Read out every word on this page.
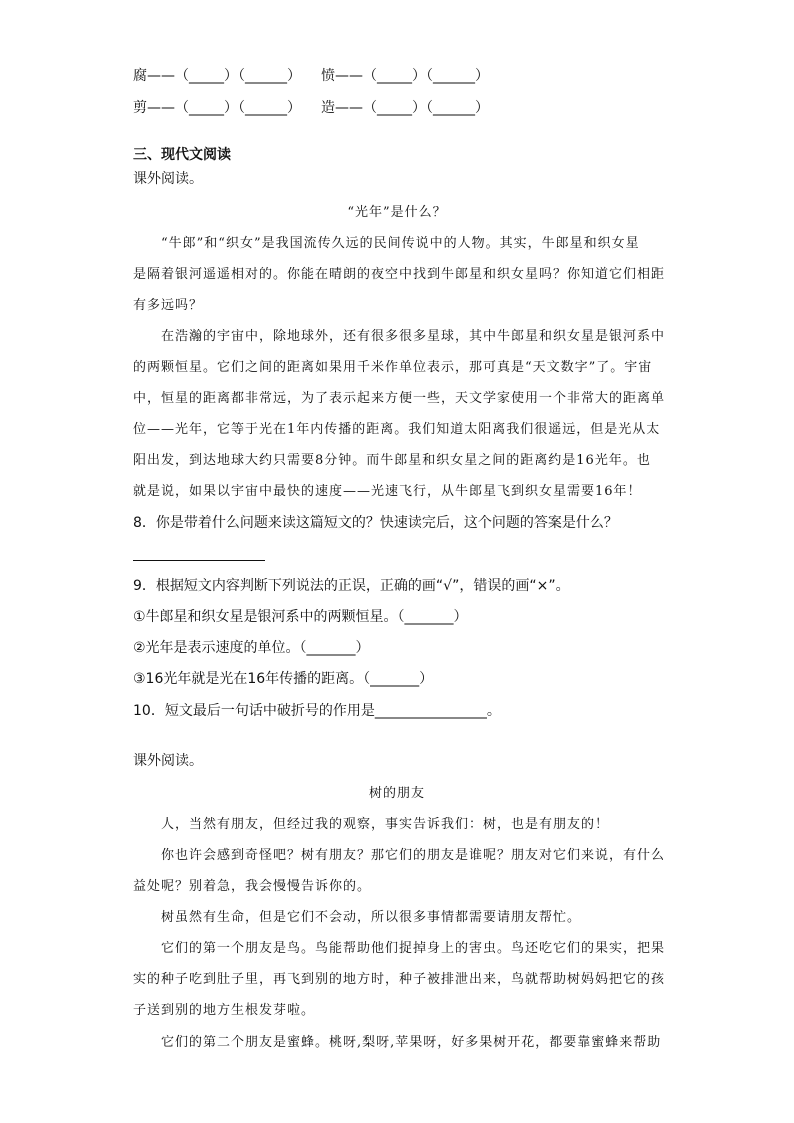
腐——（_____）（______） 愤——（_____）（______）
剪——（_____）（______） 造——（_____）（______）
三、现代文阅读
课外阅读。
“光年”是什么？
“牛郎”和“织女”是我国流传久远的民间传说中的人物。其实，牛郎星和织女星
是隔着银河遥遥相对的。你能在晴朗的夜空中找到牛郎星和织女星吗？你知道它们相距
有多远吗？
在浩瀚的宇宙中，除地球外，还有很多很多星球，其中牛郎星和织女星是银河系中
的两颗恒星。它们之间的距离如果用千米作单位表示，那可真是“天文数字”了。宇宙
中，恒星的距离都非常远，为了表示起来方便一些，天文学家使用一个非常大的距离单
位——光年，它等于光在1年内传播的距离。我们知道太阳离我们很遥远，但是光从太
阳出发，到达地球大约只需要8分钟。而牛郎星和织女星之间的距离约是16光年。也
就是说，如果以宇宙中最快的速度——光速飞行，从牛郎星飞到织女星需要16年！
8．你是带着什么问题来读这篇短文的？快速读完后，这个问题的答案是什么？
9．根据短文内容判断下列说法的正误，正确的画“√”，错误的画“×”。
①牛郎星和织女星是银河系中的两颗恒星。（_______）
②光年是表示速度的单位。（_______）
③16光年就是光在16年传播的距离。（_______）
10．短文最后一句话中破折号的作用是________________。
课外阅读。
树的朋友
人，当然有朋友，但经过我的观察，事实告诉我们：树，也是有朋友的！
你也许会感到奇怪吧？树有朋友？那它们的朋友是谁呢？朋友对它们来说，有什么
益处呢？别着急，我会慢慢告诉你的。
树虽然有生命，但是它们不会动，所以很多事情都需要请朋友帮忙。
它们的第一个朋友是鸟。鸟能帮助他们捉掉身上的害虫。鸟还吃它们的果实，把果
实的种子吃到肚子里，再飞到别的地方时，种子被排泄出来，鸟就帮助树妈妈把它的孩
子送到别的地方生根发芽啦。
它们的第二个朋友是蜜蜂。桃呀,梨呀,苹果呀，好多果树开花，都要靠蜜蜂来帮助
